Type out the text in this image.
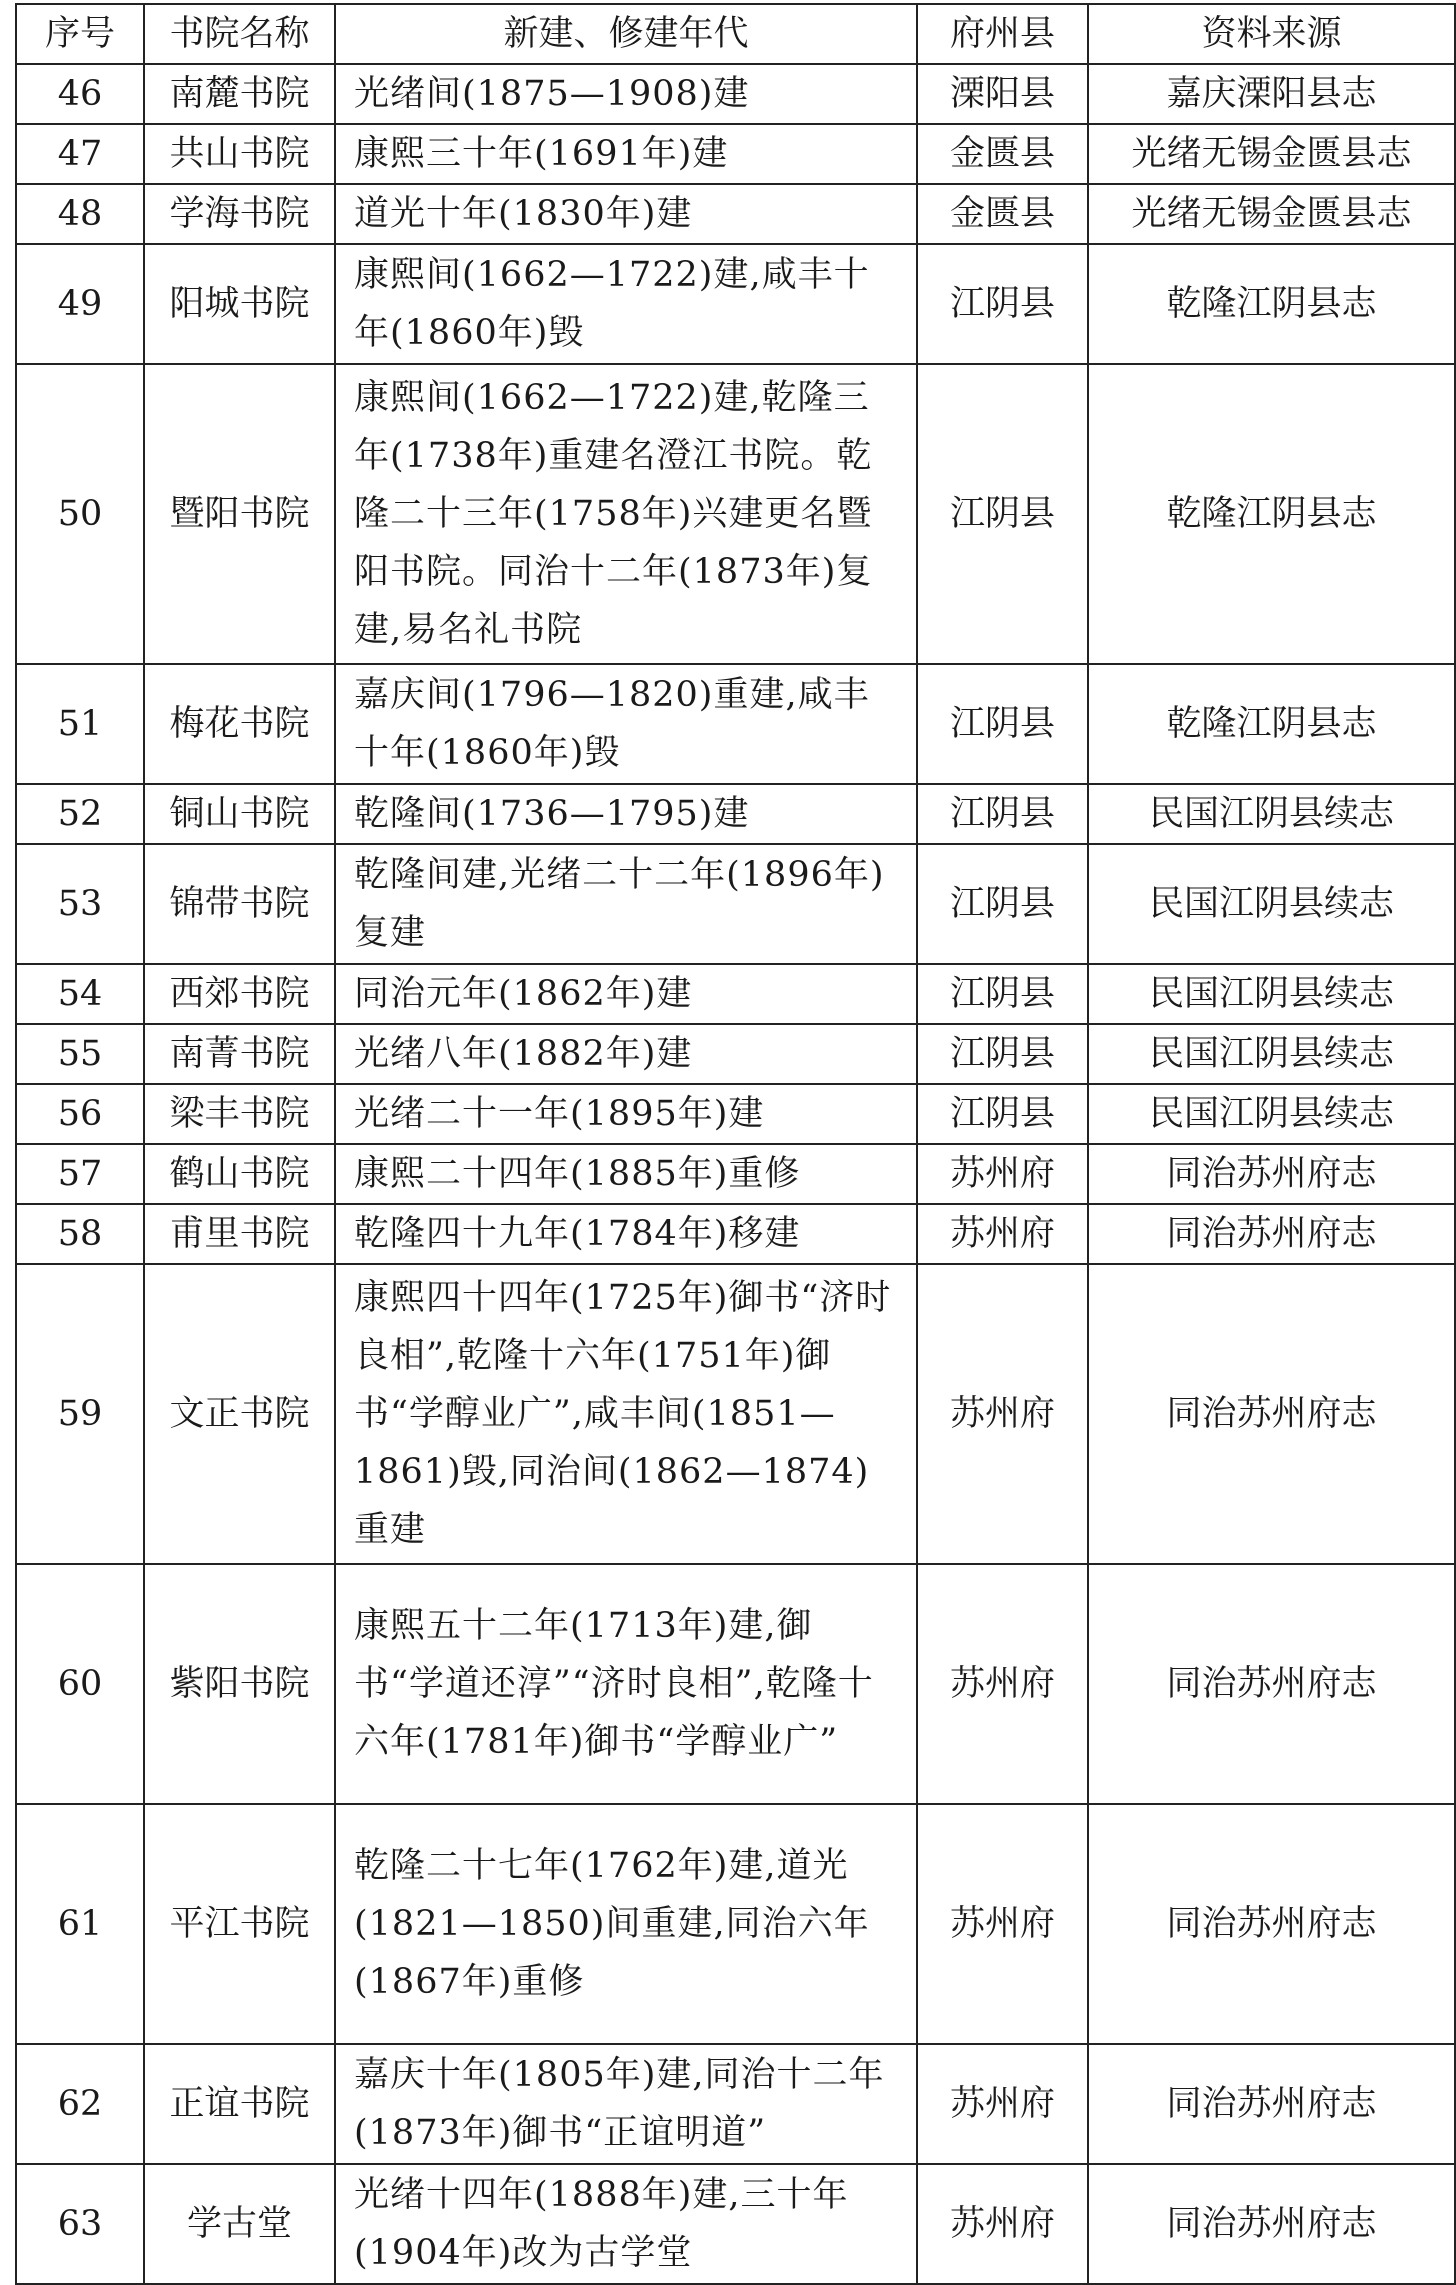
序号	书院名称	新建、修建年代	府州县	资料来源
46	南麓书院	光绪间(1875—1908)建	溧阳县	嘉庆溧阳县志
47	共山书院	康熙三十年(1691年)建	金匮县	光绪无锡金匮县志
48	学海书院	道光十年(1830年)建	金匮县	光绪无锡金匮县志
49	阳城书院	康熙间(1662—1722)建,咸丰十年(1860年)毁	江阴县	乾隆江阴县志
50	暨阳书院	康熙间(1662—1722)建,乾隆三年(1738年)重建名澄江书院。乾隆二十三年(1758年)兴建更名暨阳书院。同治十二年(1873年)复建,易名礼书院	江阴县	乾隆江阴县志
51	梅花书院	嘉庆间(1796—1820)重建,咸丰十年(1860年)毁	江阴县	乾隆江阴县志
52	铜山书院	乾隆间(1736—1795)建	江阴县	民国江阴县续志
53	锦带书院	乾隆间建,光绪二十二年(1896年)复建	江阴县	民国江阴县续志
54	西郊书院	同治元年(1862年)建	江阴县	民国江阴县续志
55	南菁书院	光绪八年(1882年)建	江阴县	民国江阴县续志
56	梁丰书院	光绪二十一年(1895年)建	江阴县	民国江阴县续志
57	鹤山书院	康熙二十四年(1885年)重修	苏州府	同治苏州府志
58	甫里书院	乾隆四十九年(1784年)移建	苏州府	同治苏州府志
59	文正书院	康熙四十四年(1725年)御书“济时良相”,乾隆十六年(1751年)御书“学醇业广”,咸丰间(1851—1861)毁,同治间(1862—1874)重建	苏州府	同治苏州府志
60	紫阳书院	康熙五十二年(1713年)建,御书“学道还淳”“济时良相”,乾隆十六年(1781年)御书“学醇业广”	苏州府	同治苏州府志
61	平江书院	乾隆二十七年(1762年)建,道光(1821—1850)间重建,同治六年(1867年)重修	苏州府	同治苏州府志
62	正谊书院	嘉庆十年(1805年)建,同治十二年(1873年)御书“正谊明道”	苏州府	同治苏州府志
63	学古堂	光绪十四年(1888年)建,三十年(1904年)改为古学堂	苏州府	同治苏州府志
